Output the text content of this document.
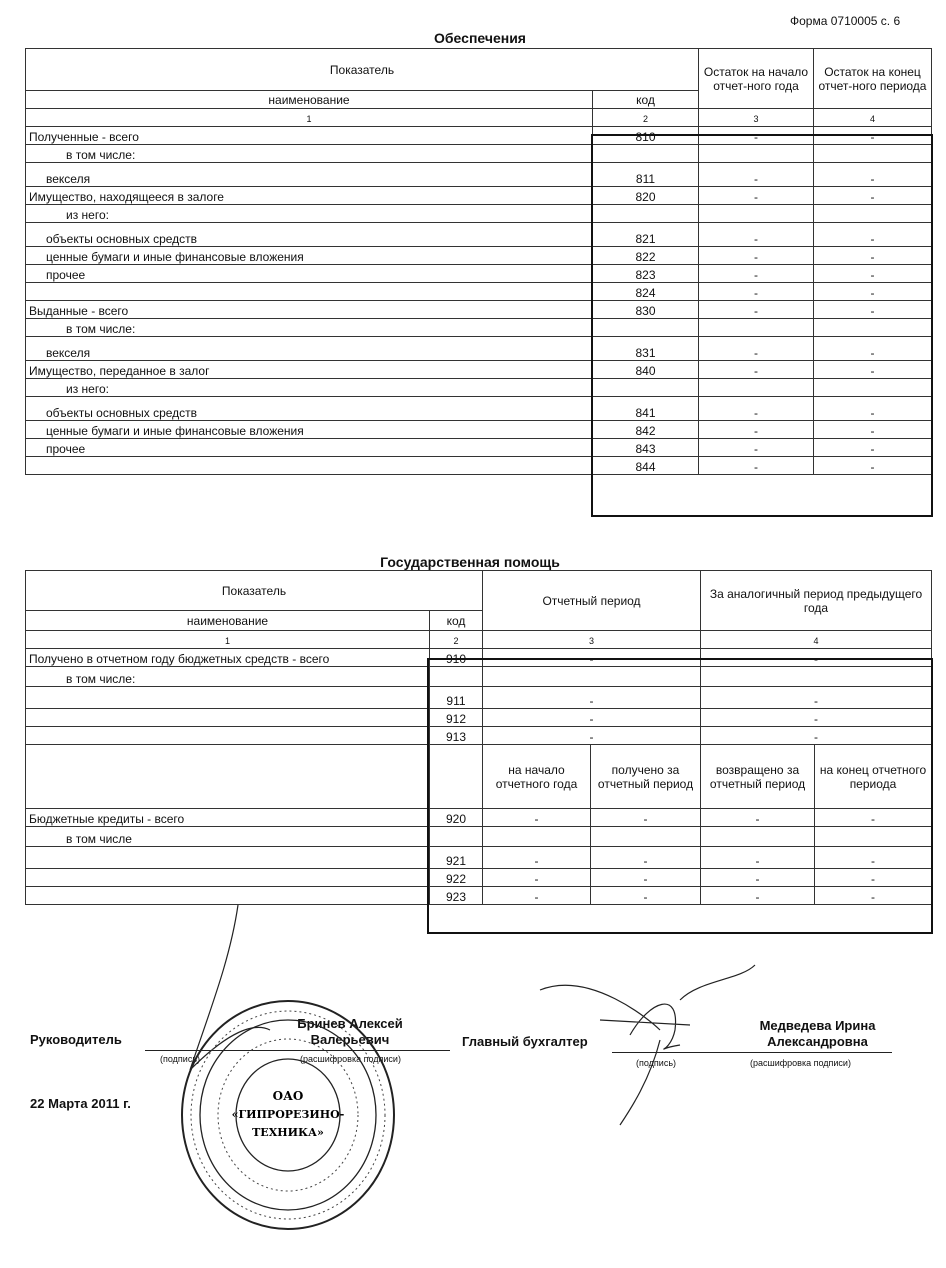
Форма 0710005 с. 6
Обеспечения
Показатель		Остаток на начало отчет-ного года	Остаток на конец отчет-ного периода
наименование	код		
1	2	3	4
Полученные - всего	810	-	-
в том числе:			
векселя	811	-	-
Имущество, находящееся в залоге	820	-	-
из него:			
объекты основных средств	821	-	-
ценные бумаги и иные финансовые вложения	822	-	-
прочее	823	-	-
	824	-	-
Выданные - всего	830	-	-
в том числе:			
векселя	831	-	-
Имущество, переданное в залог	840	-	-
из него:			
объекты основных средств	841	-	-
ценные бумаги и иные финансовые вложения	842	-	-
прочее	843	-	-
	844	-	-
Государственная помощь
Показатель		Отчетный период		За аналогичный период предыдущего года	
наименование	код				
1	2	3		4	
Получено в отчетном году бюджетных средств - всего	910	-		-	
в том числе:					
	911	-		-	
	912	-		-	
	913	-		-	
		на начало отчетного года	получено за отчетный период	возвращено за отчетный период	на конец отчетного периода
Бюджетные кредиты - всего	920	-	-	-	-
в том числе					
	921	-	-	-	-
	922	-	-	-	-
	923	-	-	-	-
Руководитель
(подпись)	(расшифровка подписи)
Бринев Алексей Валерьевич	Главный бухгалтер
(подпись)	(расшифровка подписи)
Медведева Ирина Александровна
22 Марта 2011 г.	ОАО
«ГИПРОРЕЗИНО-
ТЕХНИКА»
